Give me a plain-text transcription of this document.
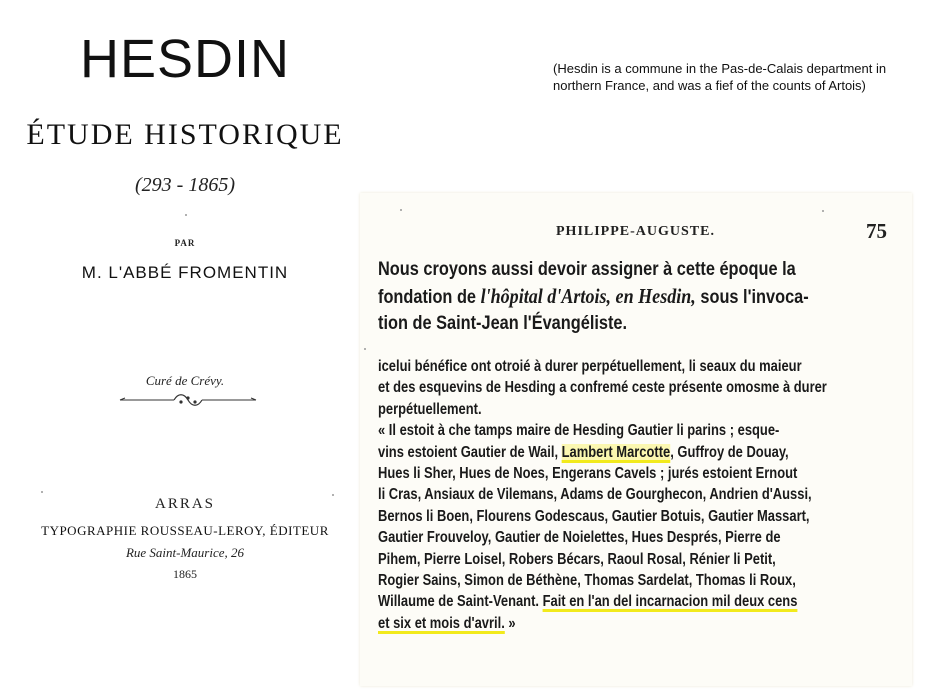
HESDIN
ÉTUDE HISTORIQUE
(293 - 1865)
PAR
M. L'ABBÉ FROMENTIN
Curé de Crévy.
ARRAS
TYPOGRAPHIE ROUSSEAU-LEROY, ÉDITEUR
Rue Saint-Maurice, 26
1865
(Hesdin is a commune in the Pas-de-Calais department in northern France, and was a fief of the counts of Artois)
PHILIPPE-AUGUSTE.	75
Nous croyons aussi devoir assigner à cette époque la
fondation de l'hôpital d'Artois, en Hesdin, sous l'invoca-
tion de Saint-Jean l'Évangéliste.
icelui bénéfice ont otroié à durer perpétuellement, li seaux du maieur
et des esquevins de Hesding a confremé ceste présente omosme à durer
perpétuellement.
« Il estoit à che tamps maire de Hesding Gautier li parins ; esque-
vins estoient Gautier de Wail, Lambert Marcotte, Guffroy de Douay,
Hues li Sher, Hues de Noes, Engerans Cavels ; jurés estoient Ernout
li Cras, Ansiaux de Vilemans, Adams de Gourghecon, Andrien d'Aussi,
Bernos li Boen, Flourens Godescaus, Gautier Botuis, Gautier Massart,
Gautier Frouveloy, Gautier de Noielettes, Hues Després, Pierre de
Pihem, Pierre Loisel, Robers Bécars, Raoul Rosal, Rénier li Petit,
Rogier Sains, Simon de Béthène, Thomas Sardelat, Thomas li Roux,
Willaume de Saint-Venant. Fait en l'an del incarnacion mil deux cens
et six et mois d'avril. »
